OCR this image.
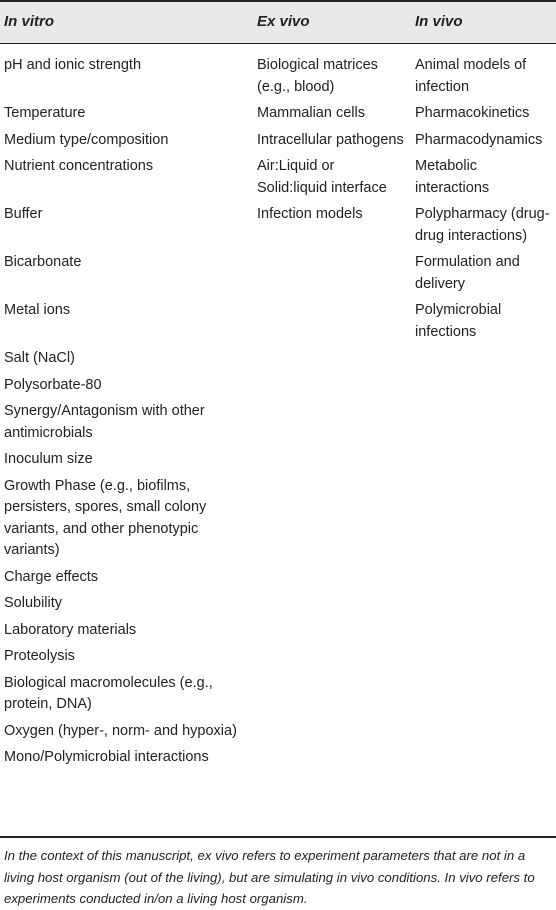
In vitro	Ex vivo	In vivo
pH and ionic strength	Biological matrices (e.g., blood)	Animal models of infection
Temperature	Mammalian cells	Pharmacokinetics
Medium type/composition	Intracellular pathogens	Pharmacodynamics
Nutrient concentrations	Air:Liquid or Solid:liquid interface	Metabolic interactions
Buffer	Infection models	Polypharmacy (drug- drug interactions)
Bicarbonate		Formulation and delivery
Metal ions		Polymicrobial infections
Salt (NaCl)		
Polysorbate-80		
Synergy/Antagonism with other antimicrobials		
Inoculum size		
Growth Phase (e.g., biofilms, persisters, spores, small colony variants, and other phenotypic variants)		
Charge effects		
Solubility		
Laboratory materials		
Proteolysis		
Biological macromolecules (e.g., protein, DNA)		
Oxygen (hyper-, norm- and hypoxia)		
Mono/Polymicrobial interactions		
In the context of this manuscript, ex vivo refers to experiment parameters that are not in a living host organism (out of the living), but are simulating in vivo conditions. In vivo refers to experiments conducted in/on a living host organism.
